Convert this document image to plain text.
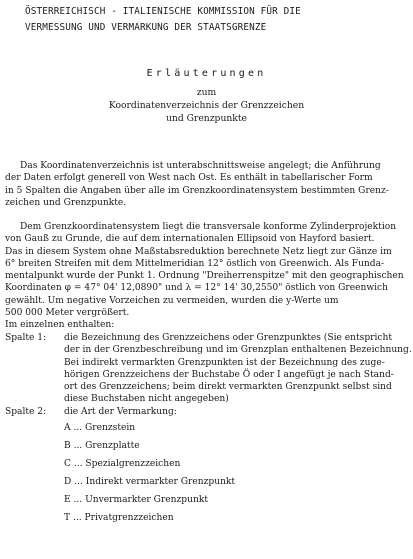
ÖSTERREICHISCH - ITALIENISCHE KOMMISSION FÜR DIE
VERMESSUNG UND VERMARKUNG DER STAATSGRENZE
Erläuterungen
zum
Koordinatenverzeichnis der Grenzzeichen
und Grenzpunkte
Das Koordinatenverzeichnis ist unterabschnittsweise angelegt; die Anführung
der Daten erfolgt generell von West nach Ost. Es enthält in tabellarischer Form
in 5 Spalten die Angaben über alle im Grenzkoordinatensystem bestimmten Grenz-
zeichen und Grenzpunkte.
Dem Grenzkoordinatensystem liegt die transversale konforme Zylinderprojektion
von Gauß zu Grunde, die auf dem internationalen Ellipsoid von Hayford basiert.
Das in diesem System ohne Maßstabsreduktion berechnete Netz liegt zur Gänze im
6° breiten Streifen mit dem Mittelmeridian 12° östlich von Greenwich. Als Funda-
mentalpunkt wurde der Punkt 1. Ordnung "Dreiherrenspitze" mit den geographischen
Koordinaten φ = 47° 04' 12,0890" und λ = 12° 14' 30,2550" östlich von Greenwich
gewählt. Um negative Vorzeichen zu vermeiden, wurden die y-Werte um
500 000 Meter vergrößert.
Im einzelnen enthalten:
Spalte 1: die Bezeichnung des Grenzzeichens oder Grenzpunktes (Sie entspricht
der in der Grenzbeschreibung und im Grenzplan enthaltenen Bezeichnung.
Bei indirekt vermarkten Grenzpunkten ist der Bezeichnung des zuge-
hörigen Grenzzeichens der Buchstabe Ö oder I angefügt je nach Stand-
ort des Grenzzeichens; beim direkt vermarkten Grenzpunkt selbst sind
diese Buchstaben nicht angegeben)
Spalte 2: die Art der Vermarkung:
A ... Grenzstein
B ... Grenzplatte
C ... Spezialgrenzzeichen
D ... Indirekt vermarkter Grenzpunkt
E ... Unvermarkter Grenzpunkt
T ... Privatgrenzzeichen
